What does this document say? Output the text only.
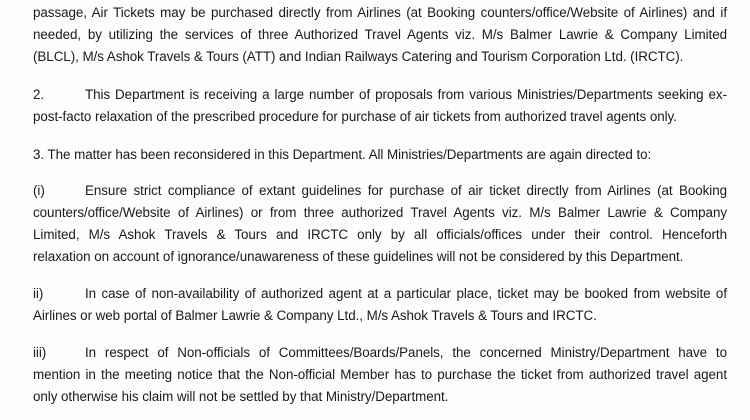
passage, Air Tickets may be purchased directly from Airlines (at Booking counters/office/Website of Airlines) and if
needed, by utilizing the services of three Authorized Travel Agents viz. M/s Balmer Lawrie & Company Limited
(BLCL), M/s Ashok Travels & Tours (ATT) and Indian Railways Catering and Tourism Corporation Ltd. (IRCTC).
2.	This Department is receiving a large number of proposals from various Ministries/Departments seeking ex-
post-facto relaxation of the prescribed procedure for purchase of air tickets from authorized travel agents only.
3. The matter has been reconsidered in this Department. All Ministries/Departments are again directed to:
(i)	Ensure strict compliance of extant guidelines for purchase of air ticket directly from Airlines (at Booking
counters/office/Website of Airlines) or from three authorized Travel Agents viz. M/s Balmer Lawrie & Company
Limited, M/s Ashok Travels & Tours and IRCTC only by all officials/offices under their control. Henceforth
relaxation on account of ignorance/unawareness of these guidelines will not be considered by this Department.
ii)	In case of non-availability of authorized agent at a particular place, ticket may be booked from website of
Airlines or web portal of Balmer Lawrie & Company Ltd., M/s Ashok Travels & Tours and IRCTC.
iii)	In respect of Non-officials of Committees/Boards/Panels, the concerned Ministry/Department have to
mention in the meeting notice that the Non-official Member has to purchase the ticket from authorized travel agent
only otherwise his claim will not be settled by that Ministry/Department.
